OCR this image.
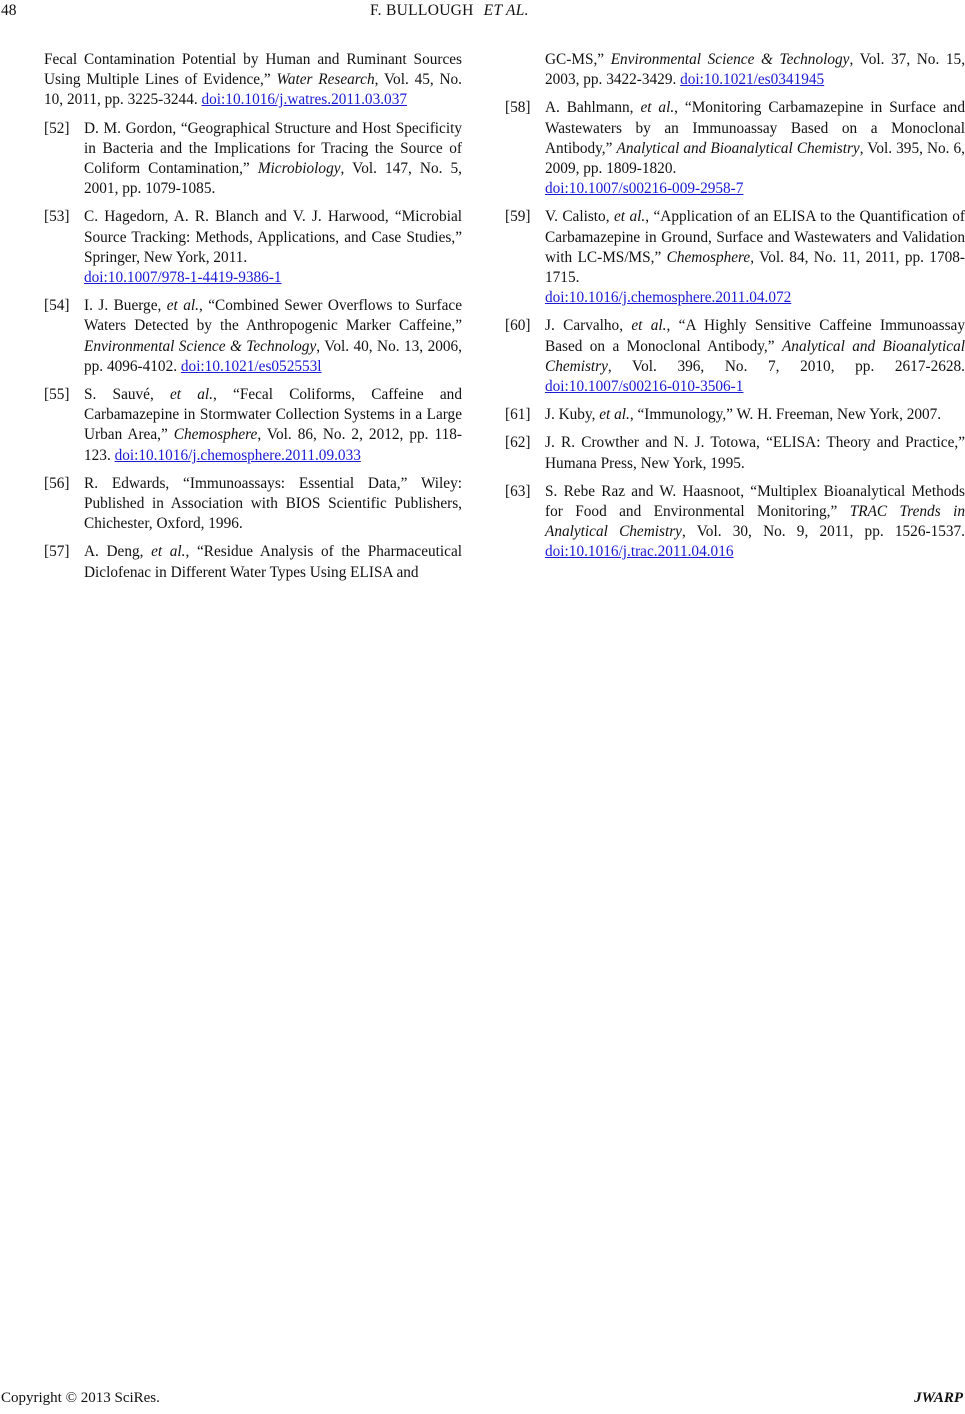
48	F. BULLOUGH ET AL.
Fecal Contamination Potential by Human and Ruminant Sources Using Multiple Lines of Evidence,” Water Research, Vol. 45, No. 10, 2011, pp. 3225-3244. doi:10.1016/j.watres.2011.03.037
[52] D. M. Gordon, “Geographical Structure and Host Specificity in Bacteria and the Implications for Tracing the Source of Coliform Contamination,” Microbiology, Vol. 147, No. 5, 2001, pp. 1079-1085.
[53] C. Hagedorn, A. R. Blanch and V. J. Harwood, “Microbial Source Tracking: Methods, Applications, and Case Studies,” Springer, New York, 2011.
doi:10.1007/978-1-4419-9386-1
[54] I. J. Buerge, et al., “Combined Sewer Overflows to Surface Waters Detected by the Anthropogenic Marker Caffeine,” Environmental Science & Technology, Vol. 40, No. 13, 2006, pp. 4096-4102. doi:10.1021/es052553l
[55] S. Sauvé, et al., “Fecal Coliforms, Caffeine and Carbamazepine in Stormwater Collection Systems in a Large Urban Area,” Chemosphere, Vol. 86, No. 2, 2012, pp. 118-123. doi:10.1016/j.chemosphere.2011.09.033
[56] R. Edwards, “Immunoassays: Essential Data,” Wiley: Published in Association with BIOS Scientific Publishers, Chichester, Oxford, 1996.
[57] A. Deng, et al., “Residue Analysis of the Pharmaceutical Diclofenac in Different Water Types Using ELISA and
GC-MS,” Environmental Science & Technology, Vol. 37, No. 15, 2003, pp. 3422-3429. doi:10.1021/es0341945
[58] A. Bahlmann, et al., “Monitoring Carbamazepine in Surface and Wastewaters by an Immunoassay Based on a Monoclonal Antibody,” Analytical and Bioanalytical Chemistry, Vol. 395, No. 6, 2009, pp. 1809-1820.
doi:10.1007/s00216-009-2958-7
[59] V. Calisto, et al., “Application of an ELISA to the Quantification of Carbamazepine in Ground, Surface and Wastewaters and Validation with LC-MS/MS,” Chemosphere, Vol. 84, No. 11, 2011, pp. 1708-1715.
doi:10.1016/j.chemosphere.2011.04.072
[60] J. Carvalho, et al., “A Highly Sensitive Caffeine Immunoassay Based on a Monoclonal Antibody,” Analytical and Bioanalytical Chemistry, Vol. 396, No. 7, 2010, pp. 2617-2628. doi:10.1007/s00216-010-3506-1
[61] J. Kuby, et al., “Immunology,” W. H. Freeman, New York, 2007.
[62] J. R. Crowther and N. J. Totowa, “ELISA: Theory and Practice,” Humana Press, New York, 1995.
[63] S. Rebe Raz and W. Haasnoot, “Multiplex Bioanalytical Methods for Food and Environmental Monitoring,” TRAC Trends in Analytical Chemistry, Vol. 30, No. 9, 2011, pp. 1526-1537. doi:10.1016/j.trac.2011.04.016
Copyright © 2013 SciRes.	JWARP
